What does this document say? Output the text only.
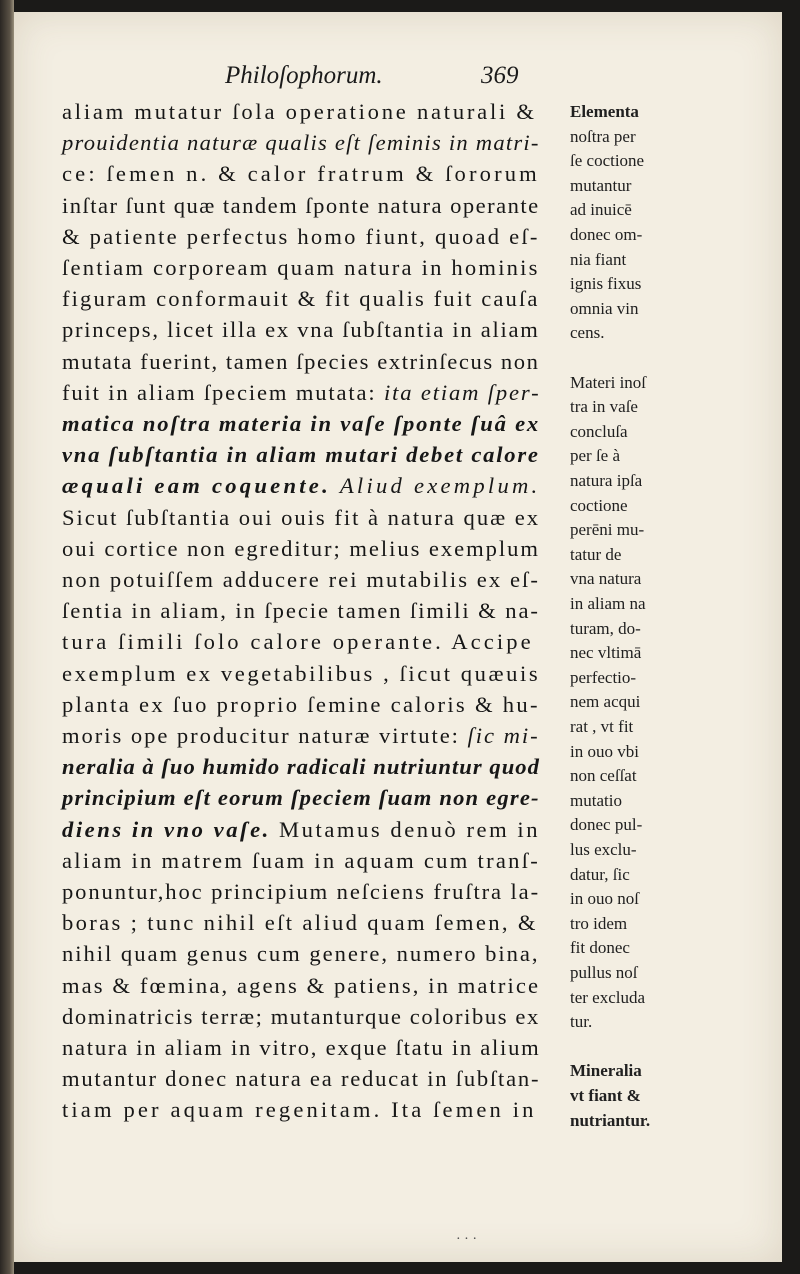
Philoſophorum.	369
aliam mutatur ſola operatione naturali &
prouidentia naturæ qualis eſt ſeminis in matri-
ce: ſemen n. & calor fratrum & ſororum
inſtar ſunt quæ tandem ſponte natura operante
& patiente perfectus homo fiunt, quoad eſ-
ſentiam corpoream quam natura in hominis
figuram conformauit & fit qualis fuit cauſa
princeps, licet illa ex vna ſubſtantia in aliam
mutata fuerint, tamen ſpecies extrinſecus non
fuit in aliam ſpeciem mutata: ita etiam ſper-
matica noſtra materia in vaſe ſponte ſuâ ex
vna ſubſtantia in aliam mutari debet calore
æquali eam coquente. Aliud exemplum.
Sicut ſubſtantia oui ouis fit à natura quæ ex
oui cortice non egreditur; melius exemplum
non potuiſſem adducere rei mutabilis ex eſ-
ſentia in aliam, in ſpecie tamen ſimili & na-
tura ſimili ſolo calore operante. Accipe
exemplum ex vegetabilibus , ſicut quæuis
planta ex ſuo proprio ſemine caloris & hu-
moris ope producitur naturæ virtute: ſic mi-
neralia à ſuo humido radicali nutriuntur quod
principium eſt eorum ſpeciem ſuam non egre-
diens in vno vaſe. Mutamus denuò rem in
aliam in matrem ſuam in aquam cum tranſ-
ponuntur,hoc principium neſciens fruſtra la-
boras ; tunc nihil eſt aliud quam ſemen, &
nihil quam genus cum genere, numero bina,
mas & fœmina, agens & patiens, in matrice
dominatricis terræ; mutanturque coloribus ex
natura in aliam in vitro, exque ſtatu in alium
mutantur donec natura ea reducat in ſubſtan-
tiam per aquam regenitam. Ita ſemen in
Elementa
noſtra per
ſe coctione
mutantur
ad inuicē
donec om-
nia fiant
ignis fixus
omnia vin
cens.
Materi inoſ
tra in vaſe
concluſa
per ſe à
natura ipſa
coctione
perēni mu-
tatur de
vna natura
in aliam na
turam, do-
nec vltimā
perfectio-
nem acqui
rat , vt fit
in ouo vbi
non ceſſat
mutatio
donec pul-
lus exclu-
datur, ſic
in ouo noſ
tro idem
fit donec
pullus noſ
ter excluda
tur.
Mineralia
vt fiant &
nutriantur.
· · ·
